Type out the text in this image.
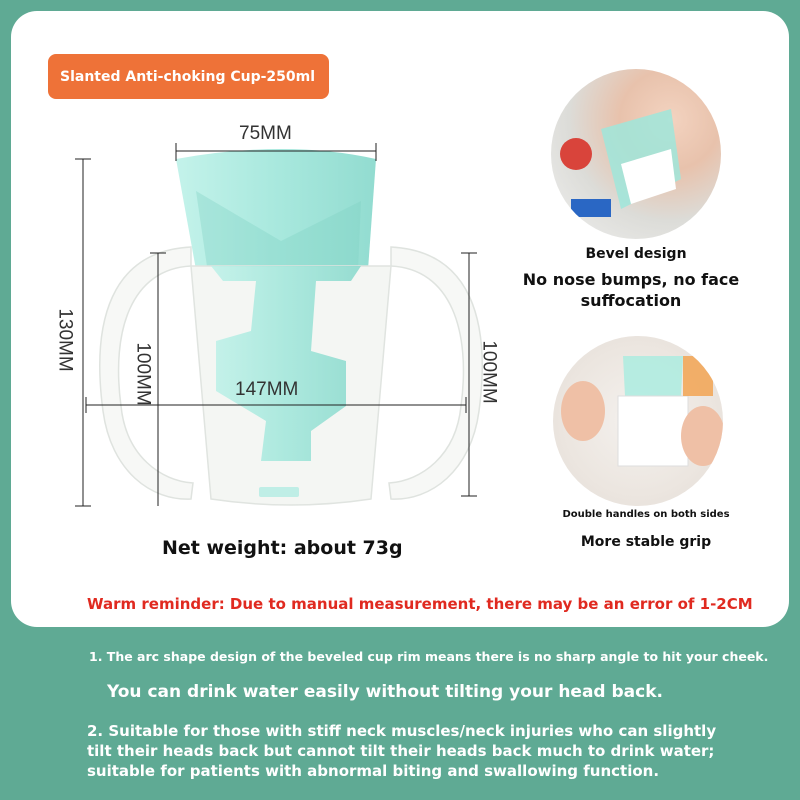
Slanted Anti-choking Cup-250ml
75MM
130MM
100MM	100MM
147MM
Bevel design
No nose bumps, no face
suffocation
Double handles on both sides
More stable grip
Net weight: about 73g
Warm reminder: Due to manual measurement, there may be an error of 1-2CM
1. The arc shape design of the beveled cup rim means there is no sharp angle to hit your cheek.
You can drink water easily without tilting your head back.
2. Suitable for those with stiff neck muscles/neck injuries who can slightly
tilt their heads back but cannot tilt their heads back much to drink water;
suitable for patients with abnormal biting and swallowing function.
